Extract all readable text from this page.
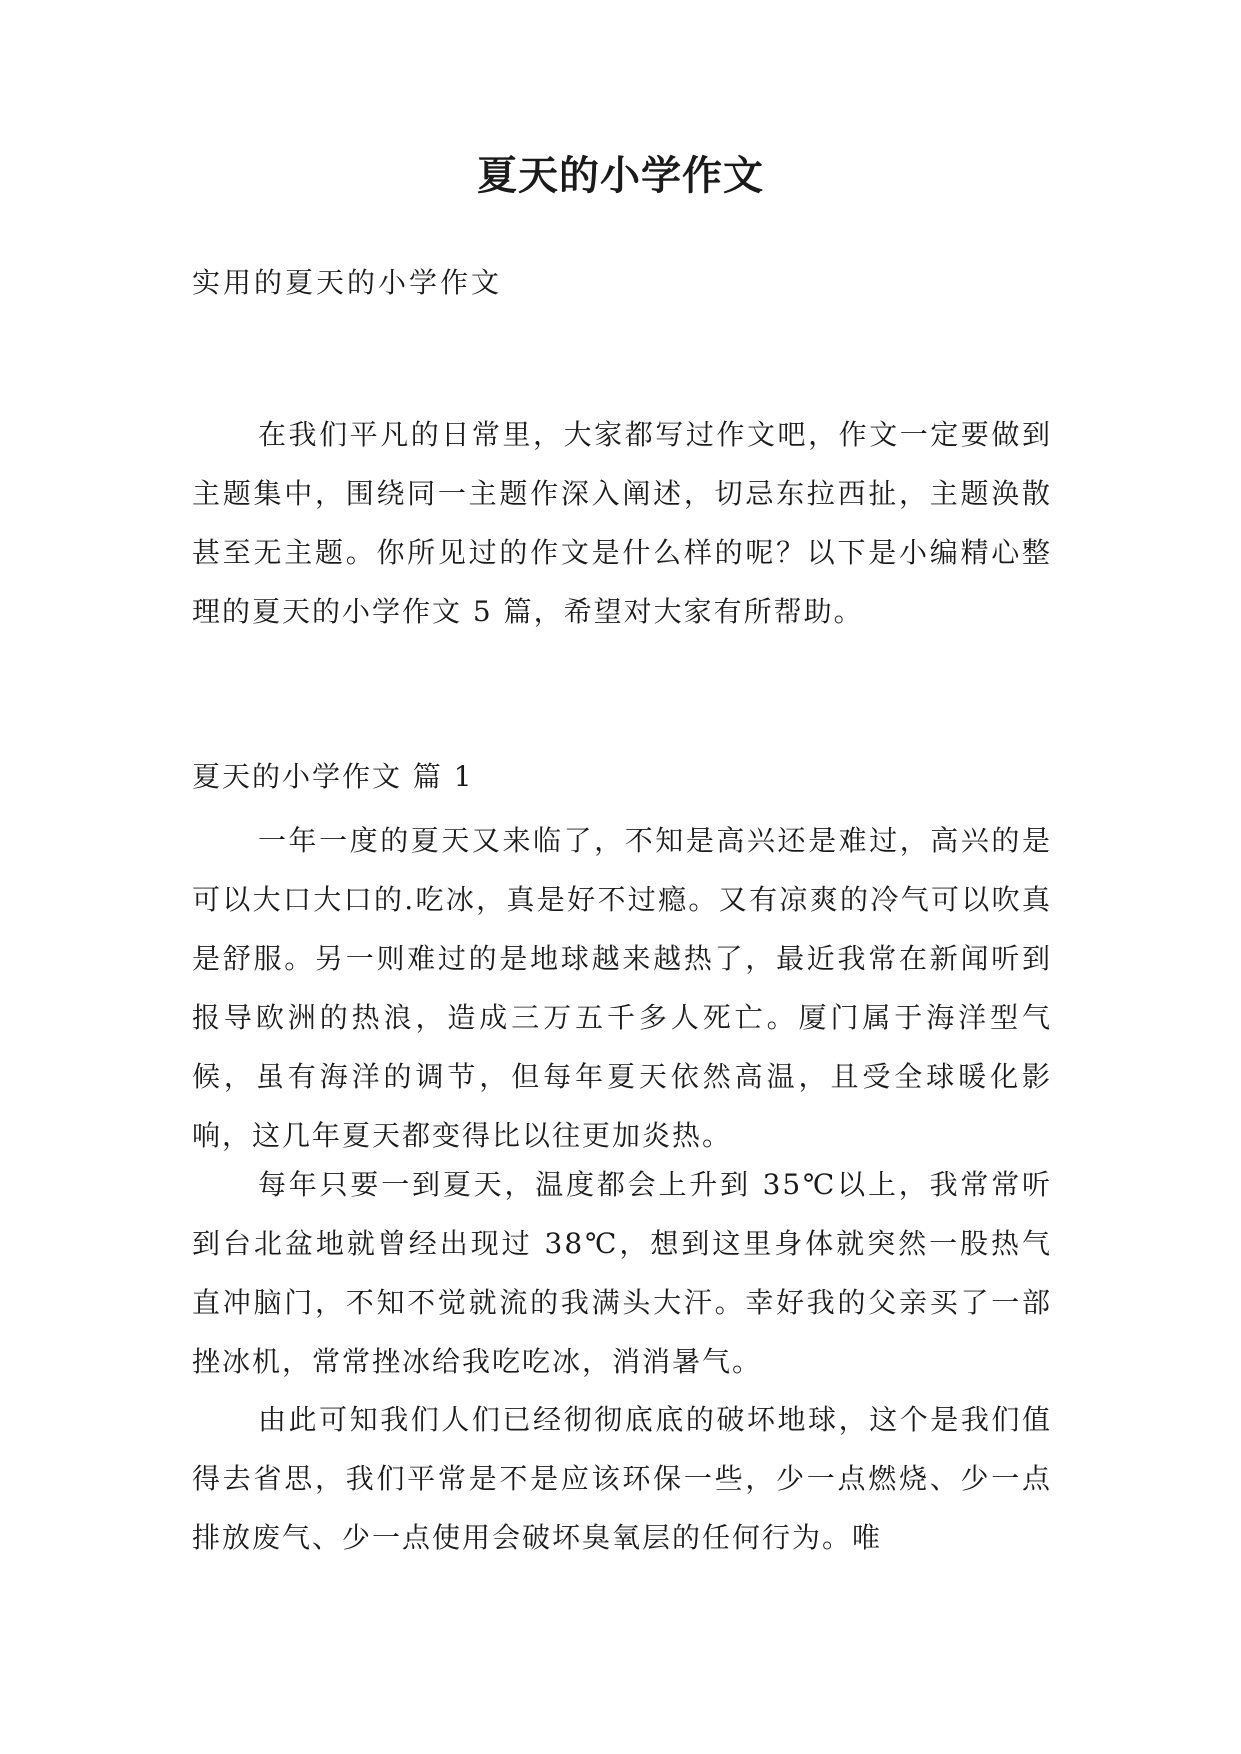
夏天的小学作文

实用的夏天的小学作文

在我们平凡的日常里，大家都写过作文吧，作文一定要做到主题集中，围绕同一主题作深入阐述，切忌东拉西扯，主题涣散甚至无主题。你所见过的作文是什么样的呢？以下是小编精心整理的夏天的小学作文 5 篇，希望对大家有所帮助。

夏天的小学作文 篇 1

一年一度的夏天又来临了，不知是高兴还是难过，高兴的是可以大口大口的.吃冰，真是好不过瘾。又有凉爽的冷气可以吹真是舒服。另一则难过的是地球越来越热了，最近我常在新闻听到报导欧洲的热浪，造成三万五千多人死亡。厦门属于海洋型气候，虽有海洋的调节，但每年夏天依然高温，且受全球暖化影响，这几年夏天都变得比以往更加炎热。

每年只要一到夏天，温度都会上升到 35℃以上，我常常听到台北盆地就曾经出现过 38℃，想到这里身体就突然一股热气直冲脑门，不知不觉就流的我满头大汗。幸好我的父亲买了一部挫冰机，常常挫冰给我吃吃冰，消消暑气。

由此可知我们人们已经彻彻底底的破坏地球，这个是我们值得去省思，我们平常是不是应该环保一些，少一点燃烧、少一点排放废气、少一点使用会破坏臭氧层的任何行为。唯
